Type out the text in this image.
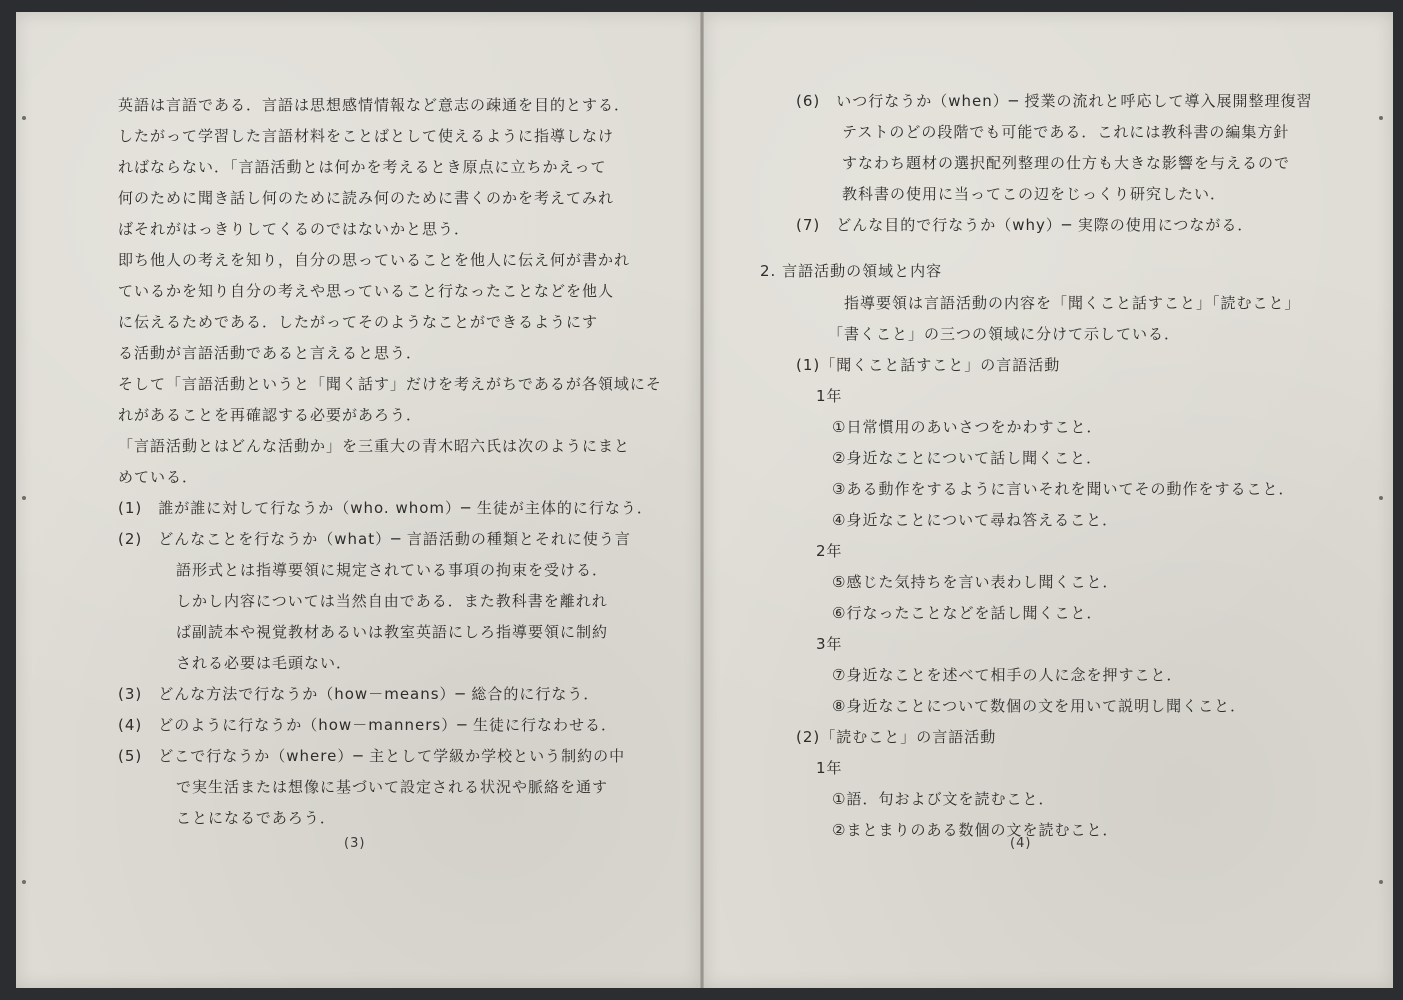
英語は言語である．言語は思想感情情報など意志の疎通を目的とする．
したがって学習した言語材料をことばとして使えるように指導しなけ
ればならない．「言語活動とは何かを考えるとき原点に立ちかえって
何のために聞き話し何のために読み何のために書くのかを考えてみれ
ばそれがはっきりしてくるのではないかと思う．
即ち他人の考えを知り，自分の思っていることを他人に伝え何が書かれ
ているかを知り自分の考えや思っていること行なったことなどを他人
に伝えるためである．したがってそのようなことができるようにす
る活動が言語活動であると言えると思う．
そして「言語活動というと「聞く話す」だけを考えがちであるが各領域にそ
れがあることを再確認する必要があろう．
「言語活動とはどんな活動か」を三重大の青木昭六氏は次のようにまと
めている．
(1)　誰が誰に対して行なうか（who. whom）─ 生徒が主体的に行なう．
(2)　どんなことを行なうか（what）─ 言語活動の種類とそれに使う言
語形式とは指導要領に規定されている事項の拘束を受ける．
しかし内容については当然自由である．また教科書を離れれ
ば副読本や視覚教材あるいは教室英語にしろ指導要領に制約
される必要は毛頭ない．
(3)　どんな方法で行なうか（how－means）─ 総合的に行なう．
(4)　どのように行なうか（how－manners）─ 生徒に行なわせる．
(5)　どこで行なうか（where）─ 主として学級か学校という制約の中
で実生活または想像に基づいて設定される状況や脈絡を通す
ことになるであろう．
(3)
(6)　いつ行なうか（when）─ 授業の流れと呼応して導入展開整理復習
テストのどの段階でも可能である．これには教科書の編集方針
すなわち題材の選択配列整理の仕方も大きな影響を与えるので
教科書の使用に当ってこの辺をじっくり研究したい．
(7)　どんな目的で行なうか（why）─ 実際の使用につながる．
2. 言語活動の領域と内容
指導要領は言語活動の内容を「聞くこと話すこと」「読むこと」
「書くこと」の三つの領域に分けて示している．
(1)「聞くこと話すこと」の言語活動
1年
①日常慣用のあいさつをかわすこと．
②身近なことについて話し聞くこと．
③ある動作をするように言いそれを聞いてその動作をすること．
④身近なことについて尋ね答えること．
2年
⑤感じた気持ちを言い表わし聞くこと．
⑥行なったことなどを話し聞くこと．
3年
⑦身近なことを述べて相手の人に念を押すこと．
⑧身近なことについて数個の文を用いて説明し聞くこと．
(2)「読むこと」の言語活動
1年
①語．句および文を読むこと．
②まとまりのある数個の文を読むこと．
(4)
